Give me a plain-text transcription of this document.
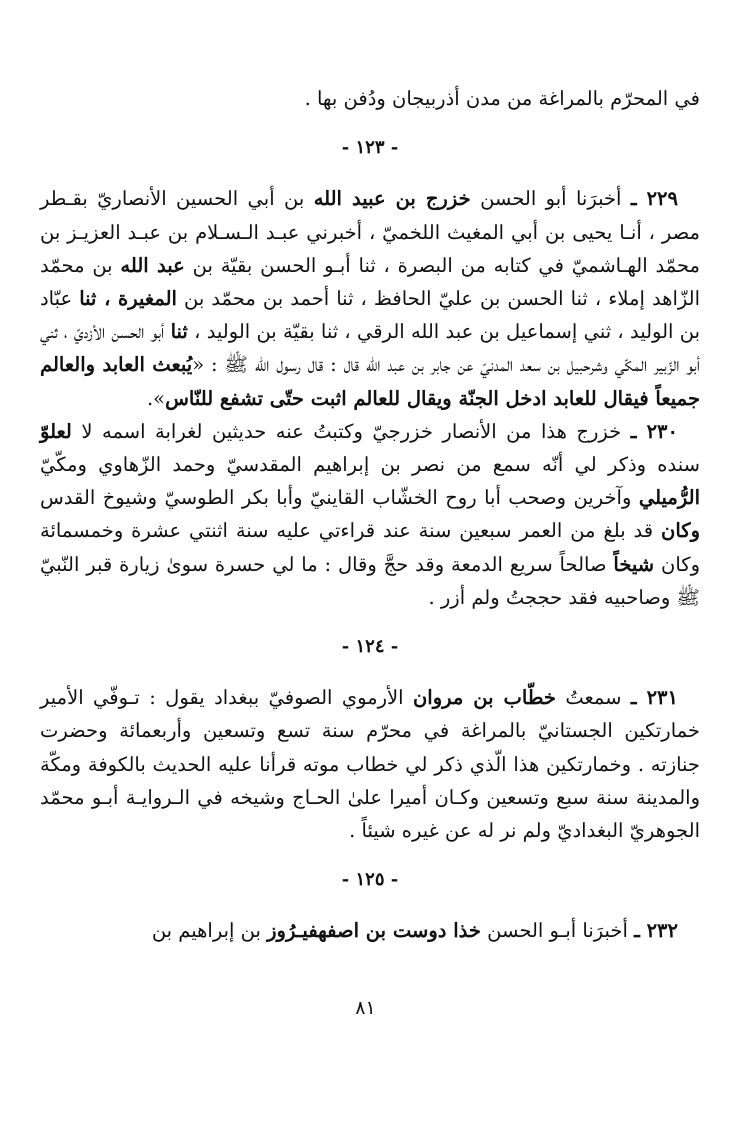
في المحرّم بالمراغة من مدن أذربيجان ودُفن بها .

- ١٢٣ -

٢٢٩ ـ أخبرَنا أبو الحسن خزرج بن عبيد الله بن أبي الحسين الأنصاريّ بقـطر مصر ، أنـا يحيى بن أبي المغيث اللخميّ ، أخبرني عبـد الـسـلام بن عبـد العزيـز بن محمّد الهـاشميّ في كتابه من البصرة ، ثنا أبـو الحسن بقيّة بن عبد الله بن محمّد الزّاهد إملاء ، ثنا الحسن بن عليّ الحافظ ، ثنا أحمد بن محمّد بن المغيرة ، ثنا عبّاد بن الوليد ، ثني إسماعيل بن عبد الله الرقي ، ثنا بقيّة بن الوليد ، ثنا أبو الحسن الأزديّ ، ثني أبو الزّبير المكّي وشرحبيل بن سعد المدنيّ عن جابر بن عبد الله قال : قال رسول الله ﷺ : «يُبعث العابد والعالم جميعاً فيقال للعابد ادخل الجنّة ويقال للعالم اثبت حتّى تشفع للنّاس».

٢٣٠ ـ خزرج هذا من الأنصار خزرجيّ وكتبتُ عنه حديثين لغرابة اسمه لا لعلوّ سنده وذكر لي أنّه سمع من نصر بن إبراهيم المقدسيّ وحمد الزّهاوي ومكّيّ الرُّميلي وآخرين وصحب أبا روح الخشّاب القاينيّ وأبا بكر الطوسيّ وشيوخ القدس وكان قد بلغ من العمر سبعين سنة عند قراءتي عليه سنة اثنتي عشرة وخمسمائة وكان شيخاً صالحاً سريع الدمعة وقد حجَّ وقال : ما لي حسرة سوىٰ زيارة قبر النّبيّ ﷺ وصاحبيه فقد حججتُ ولم أزر .

- ١٢٤ -

٢٣١ ـ سمعتُ خطّاب بن مروان الأرموي الصوفيّ ببغداد يقول : تـوفّي الأمير خمارتكين الجستانيّ بالمراغة في محرّم سنة تسع وتسعين وأربعمائة وحضرت جنازته . وخمارتكين هذا الّذي ذكر لي خطاب موته قرأنا عليه الحديث بالكوفة ومكّة والمدينة سنة سبع وتسعين وكـان أميرا علىٰ الحـاج وشيخه في الـروايـة أبـو محمّد الجوهريّ البغداديّ ولم نر له عن غيره شيئاً .

- ١٢٥ -

٢٣٢ ـ أخبرَنا أبـو الحسن خذا دوست بن اصفهفيـرُوز بن إبراهيم بن

٨١
